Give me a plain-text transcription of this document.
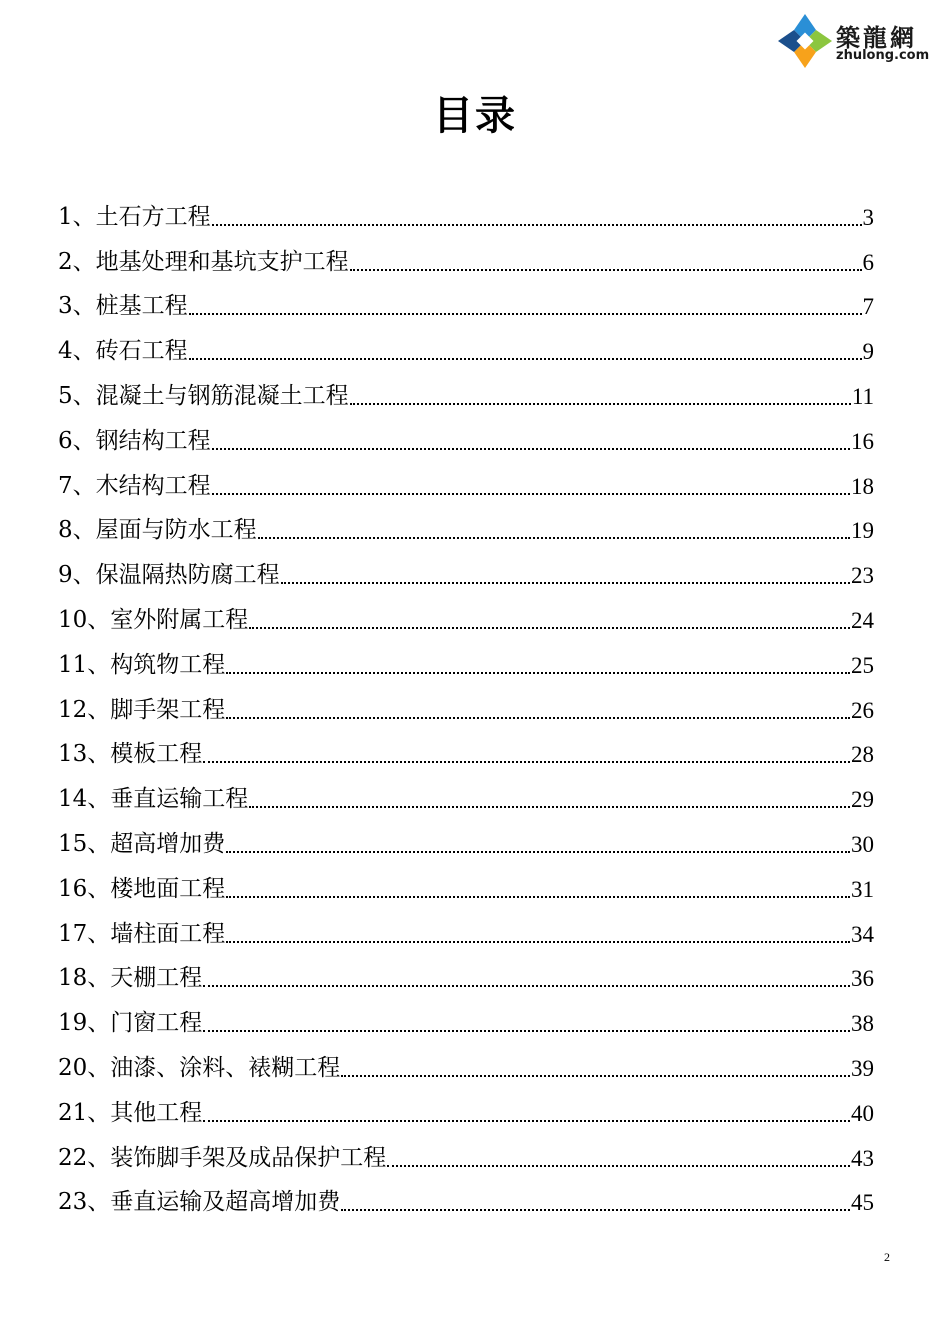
築龍網
zhulong.com
目录
1、 土石方工程	3
2、 地基处理和基坑支护工程	6
3、 桩基工程	7
4、 砖石工程	9
5、 混凝土与钢筋混凝土工程	11
6、 钢结构工程	16
7、 木结构工程	18
8、 屋面与防水工程	19
9、 保温隔热防腐工程	23
10、 室外附属工程	24
11、 构筑物工程	25
12、 脚手架工程	26
13、 模板工程	28
14、 垂直运输工程	29
15、 超高增加费	30
16、 楼地面工程	31
17、 墙柱面工程	34
18、 天棚工程	36
19、 门窗工程	38
20、 油漆、涂料、裱糊工程	39
21、 其他工程	40
22、 装饰脚手架及成品保护工程	43
23、 垂直运输及超高增加费	45
2
